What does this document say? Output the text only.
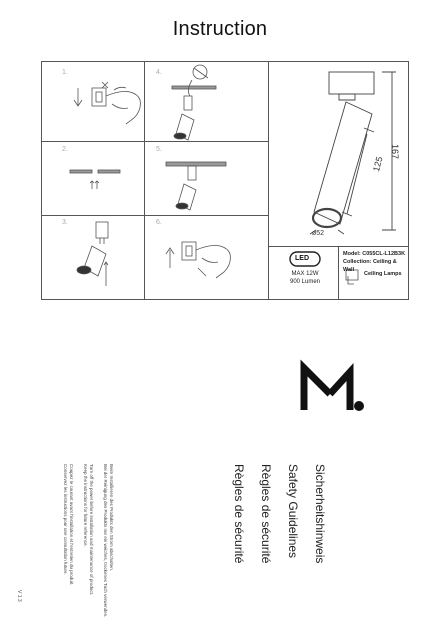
Instruction
1.
2.
3.
4.
5.
6.
167
125
ø52
LED
MAX 12W
900 Lumen
Model: C055CL-L12B3K
Collection: Ceiling & Wall
Ceiling Lamps
Sicherheitshinweis
Safety Guidelines
Règles de sécurité
Règles de sécurité
Beim Installieren des Produkts den Strom abschalten.
Bei der Reinigung des Produkts nur ein weiches, trockenes Tuch verwenden.
Turn off the power before installation and maintenance of product.
Keep the instructions for future reference.
Coupez le courant avant l'installation et l'entretien du produit.
Conservez les instructions pour une consultation future.
V 1.3
